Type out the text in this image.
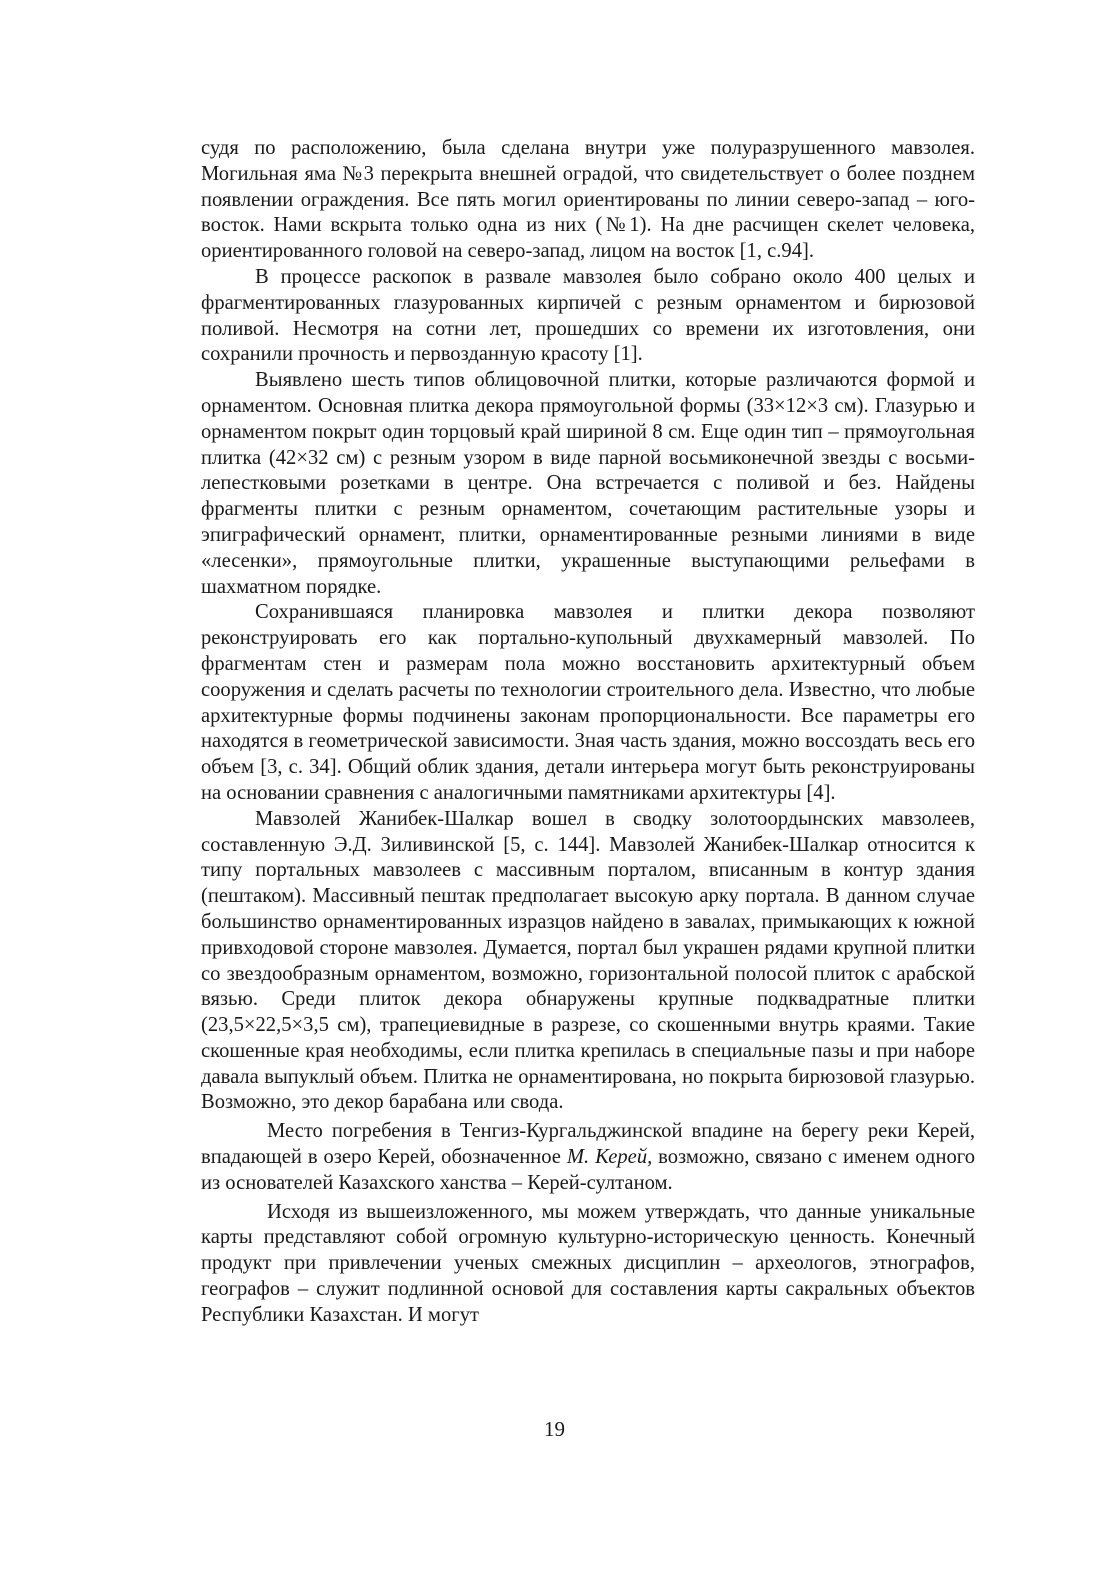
судя по расположению, была сделана внутри уже полуразрушенного мавзолея. Могильная яма №3 перекрыта внешней оградой, что свидетельствует о более позднем появлении ограждения. Все пять могил ориентированы по линии северо-запад – юго-восток. Нами вскрыта только одна из них (№1). На дне расчищен скелет человека, ориентированного головой на северо-запад, лицом на восток [1, с.94].

В процессе раскопок в развале мавзолея было собрано около 400 целых и фрагментированных глазурованных кирпичей с резным орнаментом и бирюзовой поливой. Несмотря на сотни лет, прошедших со времени их изготовления, они сохранили прочность и первозданную красоту [1].

Выявлено шесть типов облицовочной плитки, которые различаются формой и орнаментом. Основная плитка декора прямоугольной формы (33×12×3 см). Глазурью и орнаментом покрыт один торцовый край шириной 8 см. Еще один тип – прямоугольная плитка (42×32 см) с резным узором в виде парной восьмиконечной звезды с восьми-лепестковыми розетками в центре. Она встречается с поливой и без. Найдены фрагменты плитки с резным орнаментом, сочетающим растительные узоры и эпиграфический орнамент, плитки, орнаментированные резными линиями в виде «лесенки», прямоугольные плитки, украшенные выступающими рельефами в шахматном порядке.

Сохранившаяся планировка мавзолея и плитки декора позволяют реконструировать его как портально-купольный двухкамерный мавзолей. По фрагментам стен и размерам пола можно восстановить архитектурный объем сооружения и сделать расчеты по технологии строительного дела. Известно, что любые архитектурные формы подчинены законам пропорциональности. Все параметры его находятся в геометрической зависимости. Зная часть здания, можно воссоздать весь его объем [3, с. 34]. Общий облик здания, детали интерьера могут быть реконструированы на основании сравнения с аналогичными памятниками архитектуры [4].

Мавзолей Жанибек-Шалкар вошел в сводку золотоордынских мавзолеев, составленную Э.Д. Зиливинской [5, с. 144]. Мавзолей Жанибек-Шалкар относится к типу портальных мавзолеев с массивным порталом, вписанным в контур здания (пештаком). Массивный пештак предполагает высокую арку портала. В данном случае большинство орнаментированных изразцов найдено в завалах, примыкающих к южной привходовой стороне мавзолея. Думается, портал был украшен рядами крупной плитки со звездообразным орнаментом, возможно, горизонтальной полосой плиток с арабской вязью. Среди плиток декора обнаружены крупные подквадратные плитки (23,5×22,5×3,5 см), трапециевидные в разрезе, со скошенными внутрь краями. Такие скошенные края необходимы, если плитка крепилась в специальные пазы и при наборе давала выпуклый объем. Плитка не орнаментирована, но покрыта бирюзовой глазурью. Возможно, это декор барабана или свода.

Место погребения в Тенгиз-Кургальджинской впадине на берегу реки Керей, впадающей в озеро Керей, обозначенное М. Керей, возможно, связано с именем одного из основателей Казахского ханства – Керей-султаном.

Исходя из вышеизложенного, мы можем утверждать, что данные уникальные карты представляют собой огромную культурно-историческую ценность. Конечный продукт при привлечении ученых смежных дисциплин – археологов, этнографов, географов – служит подлинной основой для составления карты сакральных объектов Республики Казахстан. И могут

19
